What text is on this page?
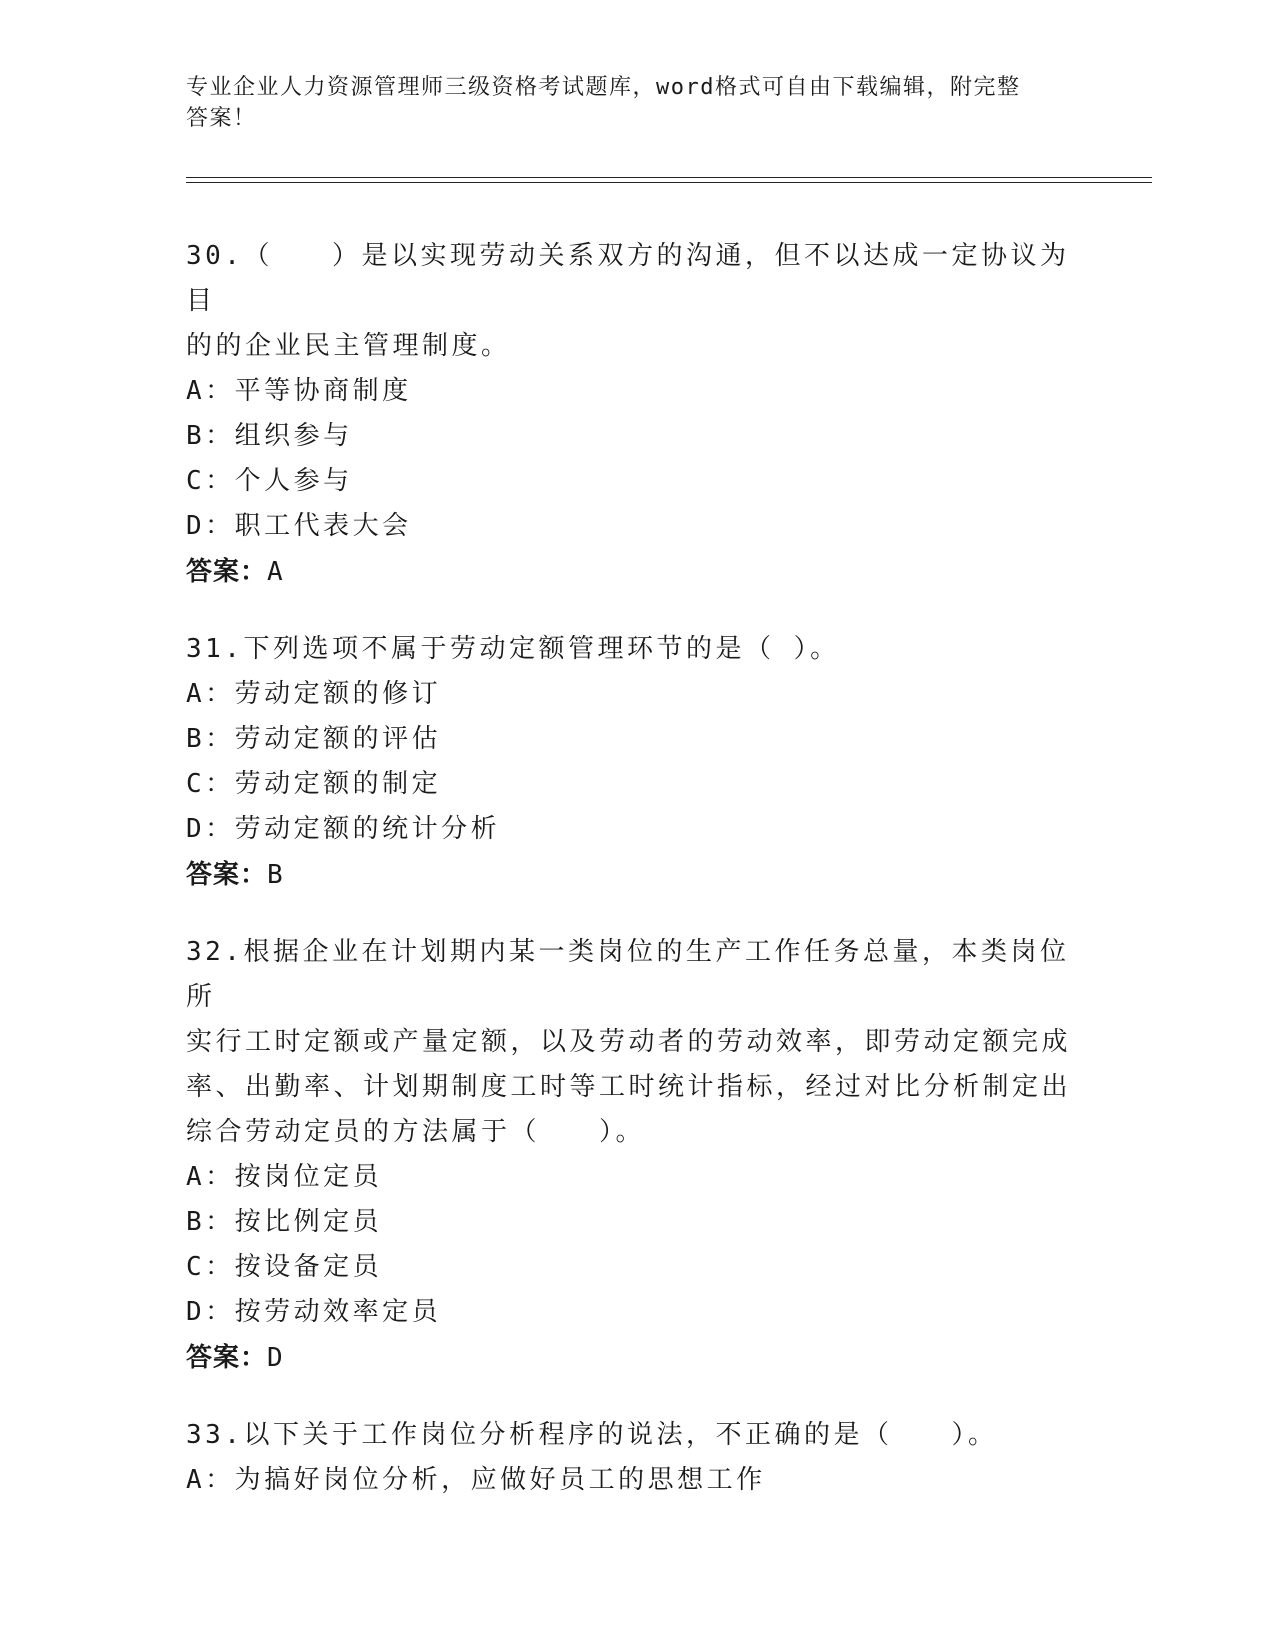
专业企业人力资源管理师三级资格考试题库，word格式可自由下载编辑，附完整
答案！

30.（　　）是以实现劳动关系双方的沟通，但不以达成一定协议为目

的的企业民主管理制度。

A：平等协商制度

B：组织参与

C：个人参与

D：职工代表大会

答案：A

31.下列选项不属于劳动定额管理环节的是（ ）。

A：劳动定额的修订

B：劳动定额的评估

C：劳动定额的制定

D：劳动定额的统计分析

答案：B

32.根据企业在计划期内某一类岗位的生产工作任务总量，本类岗位所

实行工时定额或产量定额，以及劳动者的劳动效率，即劳动定额完成

率、出勤率、计划期制度工时等工时统计指标，经过对比分析制定出

综合劳动定员的方法属于（　　）。

A：按岗位定员

B：按比例定员

C：按设备定员

D：按劳动效率定员

答案：D

33.以下关于工作岗位分析程序的说法，不正确的是（　　）。

A：为搞好岗位分析，应做好员工的思想工作
